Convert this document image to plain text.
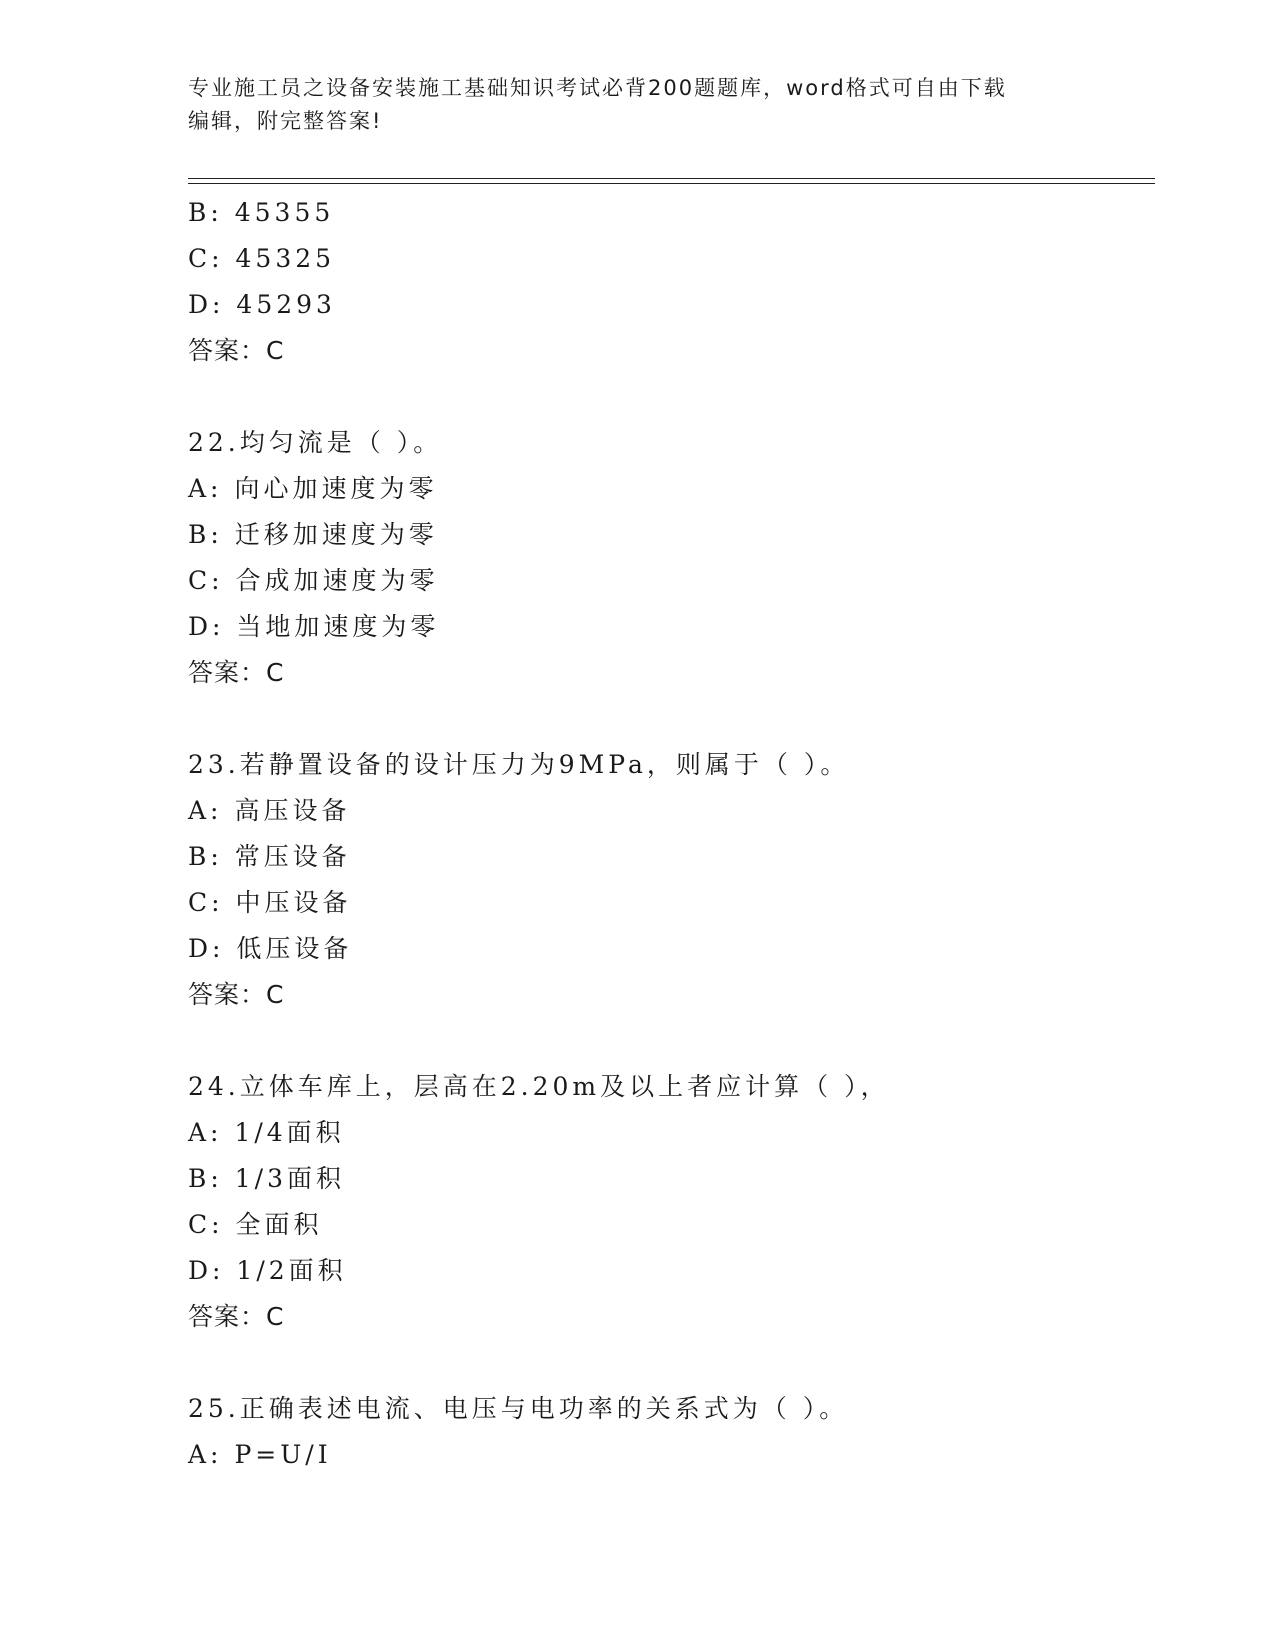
专业施工员之设备安装施工基础知识考试必背200题题库，word格式可自由下载
编辑，附完整答案!
B: 45355
C: 45325
D: 45293
答案：C
22.均匀流是（ ）。
A: 向心加速度为零
B: 迁移加速度为零
C: 合成加速度为零
D: 当地加速度为零
答案：C
23.若静置设备的设计压力为9MPa，则属于（ ）。
A: 高压设备
B: 常压设备
C: 中压设备
D: 低压设备
答案：C
24.立体车库上，层高在2.20m及以上者应计算（ ），
A: 1/4面积
B: 1/3面积
C: 全面积
D: 1/2面积
答案：C
25.正确表述电流、电压与电功率的关系式为（ ）。
A: P=U/I
